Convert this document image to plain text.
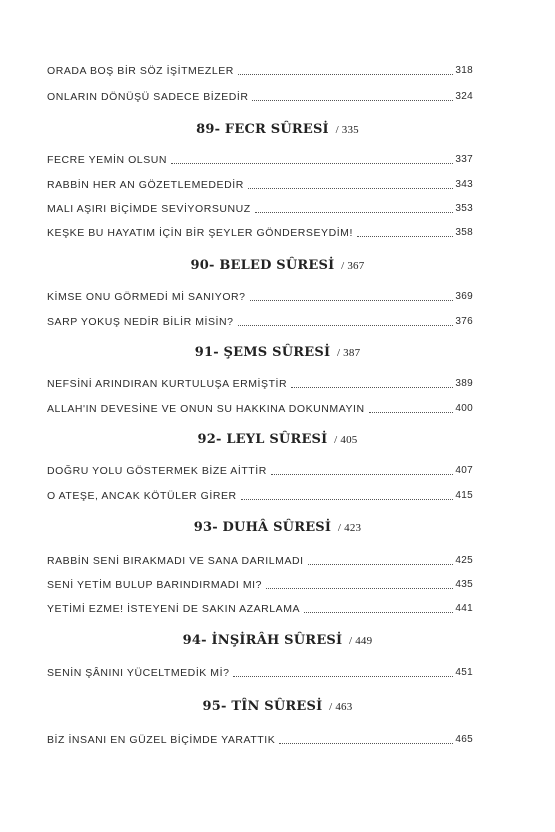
ORADA BOŞ BİR SÖZ İŞİTMEZLER	318
ONLARIN DÖNÜŞÜ SADECE BİZEDİR	324
89- FECR SÛRESİ / 335
FECRE YEMİN OLSUN	337
RABBİN HER AN GÖZETLEMEDEDİR	343
MALI AŞIRI BİÇİMDE SEVİYORSUNUZ	353
KEŞKE BU HAYATIM İÇİN BİR ŞEYLER GÖNDERSEYDİM!	358
90- BELED SÛRESİ / 367
KİMSE ONU GÖRMEDİ Mİ SANIYOR?	369
SARP YOKUŞ NEDİR BİLİR MİSİN?	376
91- ŞEMS SÛRESİ / 387
NEFSİNİ ARINDIRAN KURTULUŞA ERMİŞTİR	389
ALLAH'IN DEVESİNE VE ONUN SU HAKKINA DOKUNMAYIN	400
92- LEYL SÛRESİ / 405
DOĞRU YOLU GÖSTERMEK BİZE AİTTİR	407
O ATEŞE, ANCAK KÖTÜLER GİRER	415
93- DUHÂ SÛRESİ / 423
RABBİN SENİ BIRAKMADI VE SANA DARILMADI	425
SENİ YETİM BULUP BARINDIRMADI MI?	435
YETİMİ EZME! İSTEYENİ DE SAKIN AZARLAMA	441
94- İNŞİRÂH SÛRESİ / 449
SENİN ŞÂNINI YÜCELTMEDİK Mİ?	451
95- TÎN SÛRESİ / 463
BİZ İNSANI EN GÜZEL BİÇİMDE YARATTIK	465
